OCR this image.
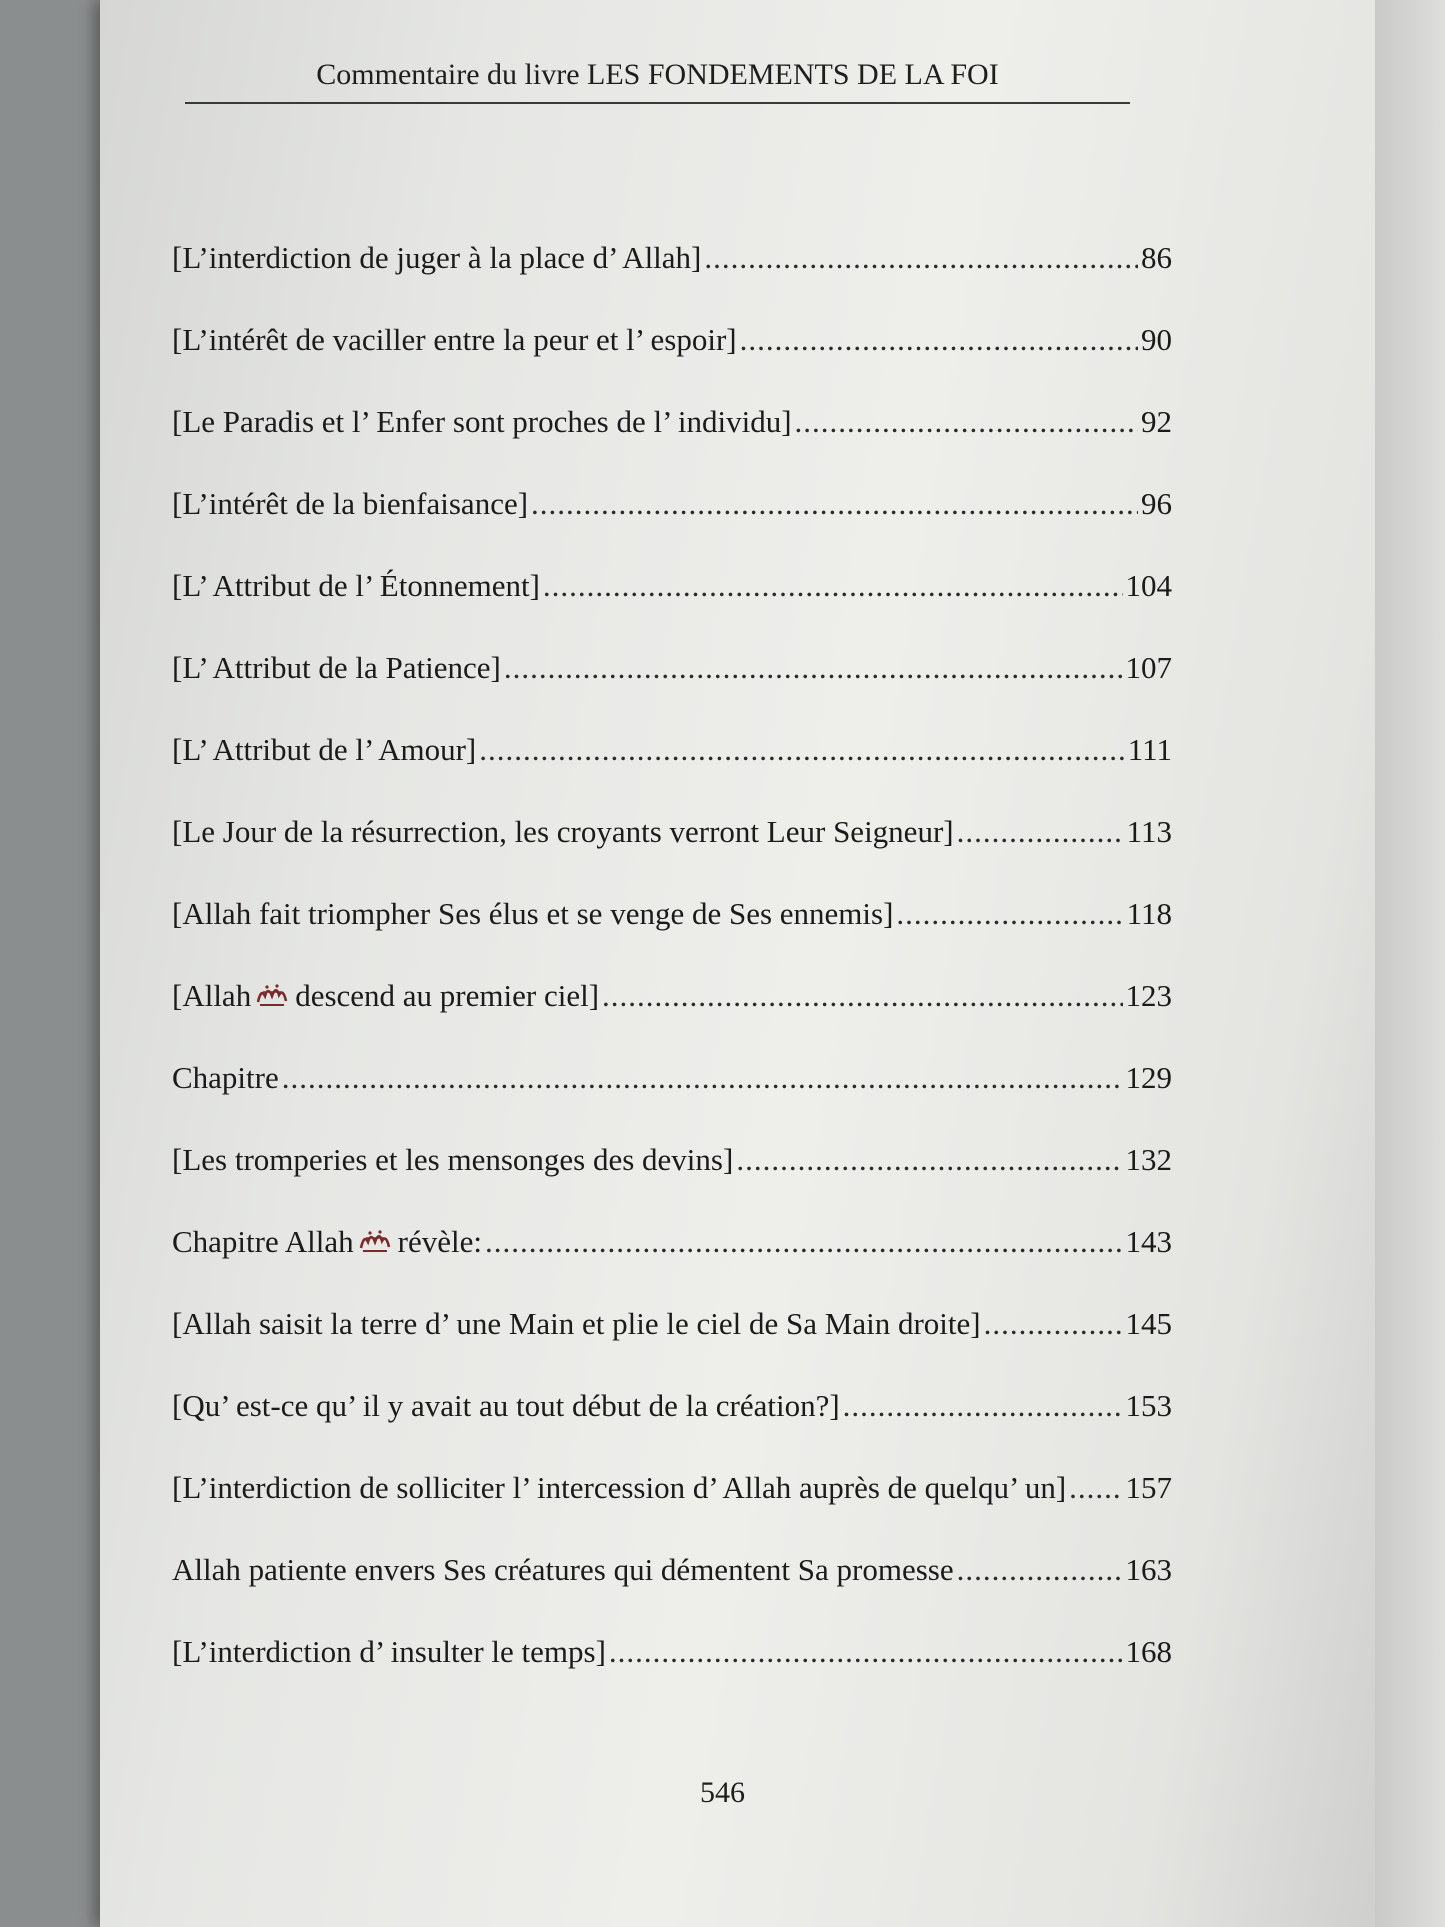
Commentaire du livre LES FONDEMENTS DE LA FOI
[L’interdiction de juger à la place d’ Allah] .....	86
[L’intérêt de vaciller entre la peur et l’ espoir] .....	90
[Le Paradis et l’ Enfer sont proches de l’ individu] .....	92
[L’intérêt de la bienfaisance] .....	96
[L’ Attribut de l’ Étonnement] .....	104
[L’ Attribut de la Patience] .....	107
[L’ Attribut de l’ Amour] .....	111
[Le Jour de la résurrection, les croyants verront Leur Seigneur] .....	113
[Allah fait triompher Ses élus et se venge de Ses ennemis] .....	118
[Allah descend au premier ciel] .....	123
Chapitre .....	129
[Les tromperies et les mensonges des devins] .....	132
Chapitre Allah révèle: .....	143
[Allah saisit la terre d’ une Main et plie le ciel de Sa Main droite] .....	145
[Qu’ est-ce qu’ il y avait au tout début de la création?] .....	153
[L’interdiction de solliciter l’ intercession d’ Allah auprès de quelqu’ un] ..... 157
Allah patiente envers Ses créatures qui démentent Sa promesse .....	163
[L’interdiction d’ insulter le temps] .....	168
546
